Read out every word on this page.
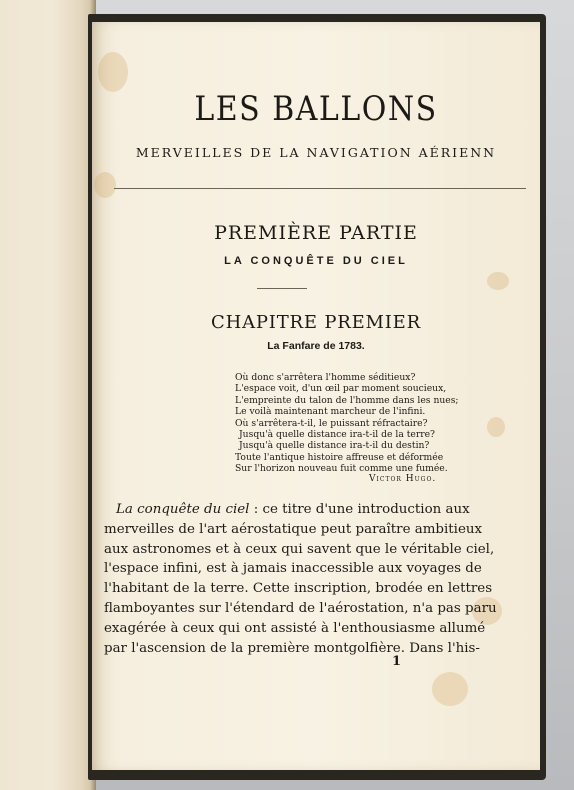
LES BALLONS
MERVEILLES DE LA NAVIGATION AÉRIENN
PREMIÈRE PARTIE
LA CONQUÊTE DU CIEL
CHAPITRE PREMIER
La Fanfare de 1783.
Où donc s'arrêtera l'homme séditieux?
L'espace voit, d'un œil par moment soucieux,
L'empreinte du talon de l'homme dans les nues;
Le voilà maintenant marcheur de l'infini.
Où s'arrêtera-t-il, le puissant réfractaire?
Jusqu'à quelle distance ira-t-il de la terre?
Jusqu'à quelle distance ira-t-il du destin?
Toute l'antique histoire affreuse et déformée
Sur l'horizon nouveau fuit comme une fumée.
Victor Hugo.
La conquête du ciel : ce titre d'une introduction aux
merveilles de l'art aérostatique peut paraître ambitieux
aux astronomes et à ceux qui savent que le véritable ciel,
l'espace infini, est à jamais inaccessible aux voyages de
l'habitant de la terre. Cette inscription, brodée en lettres
flamboyantes sur l'étendard de l'aérostation, n'a pas paru
exagérée à ceux qui ont assisté à l'enthousiasme allumé
par l'ascension de la première montgolfière. Dans l'his-
1
